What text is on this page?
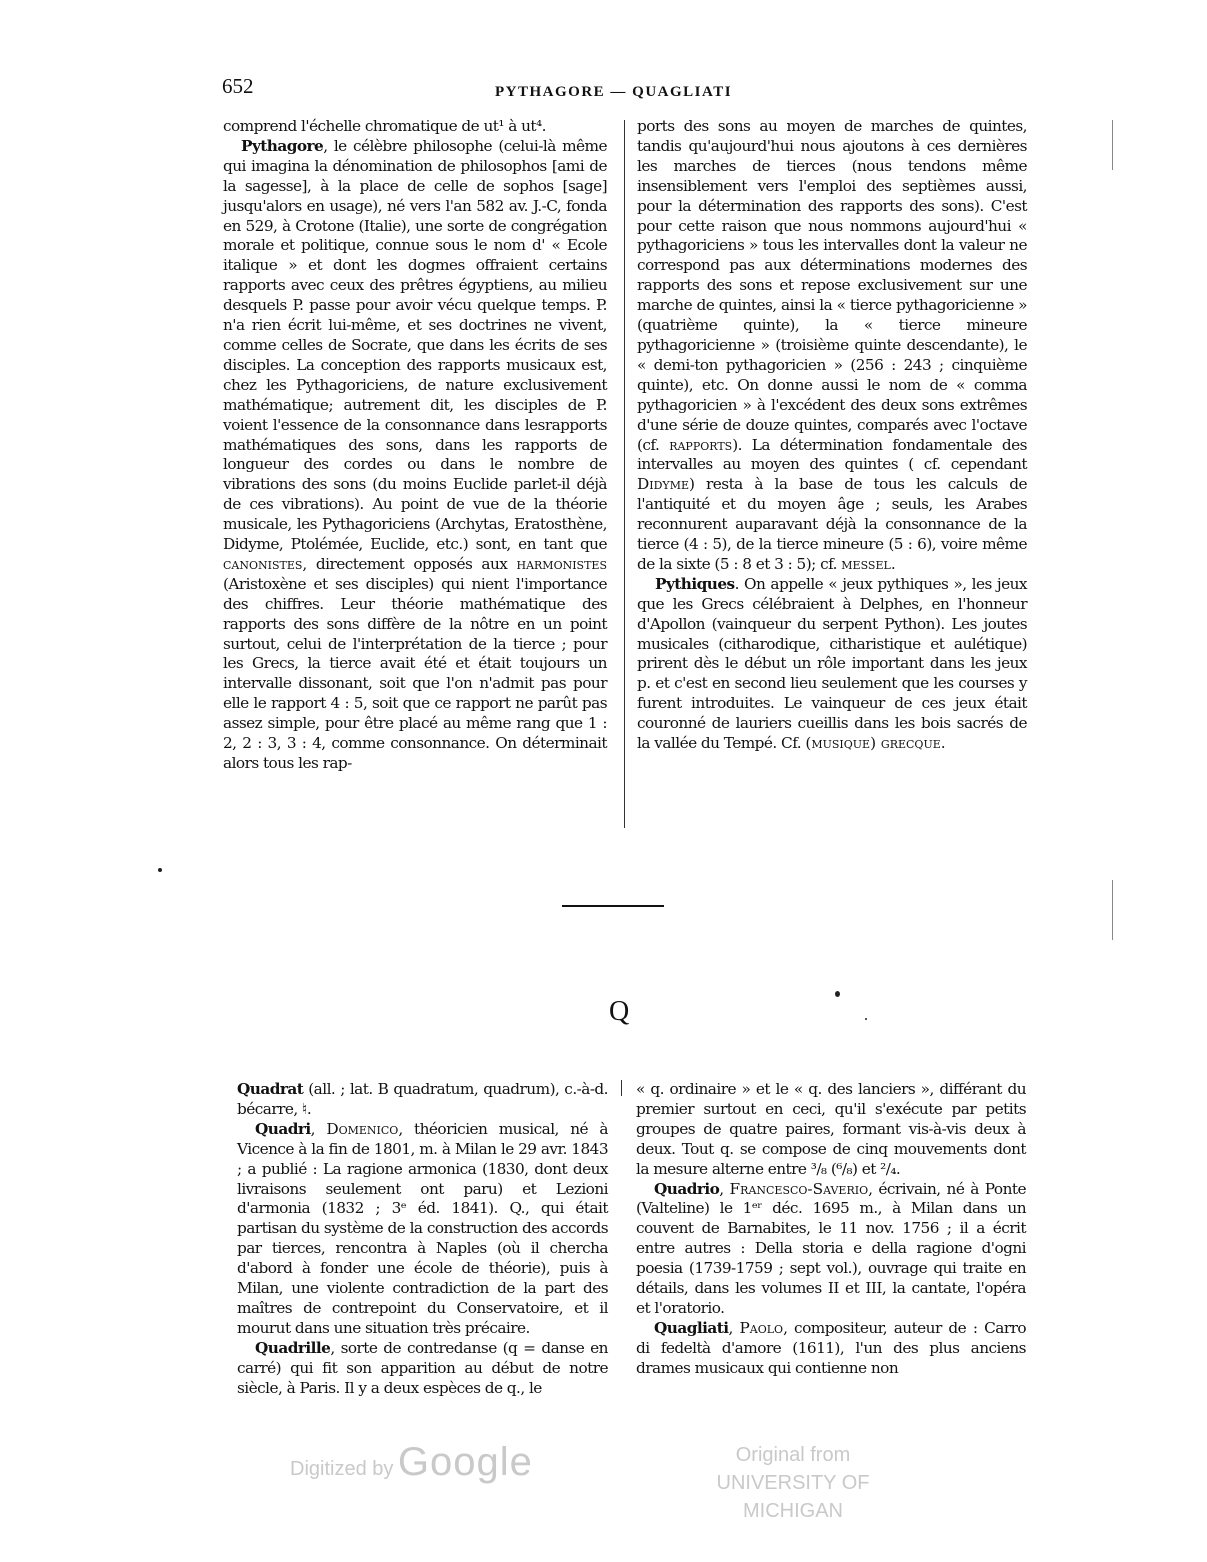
652	PYTHAGORE — QUAGLIATI

comprend l'échelle chromatique de ut¹ à ut⁴.

Pythagore, le célèbre philosophe (celui-là même qui imagina la dénomination de philosophos [ami de la sagesse], à la place de celle de sophos [sage] jusqu'alors en usage), né vers l'an 582 av. J.-C, fonda en 529, à Crotone (Italie), une sorte de congrégation morale et politique, connue sous le nom d' « Ecole italique » et dont les dogmes offraient certains rapports avec ceux des prêtres égyptiens, au milieu desquels P. passe pour avoir vécu quelque temps. P. n'a rien écrit lui-même, et ses doctrines ne vivent, comme celles de Socrate, que dans les écrits de ses disciples. La conception des rapports musicaux est, chez les Pythagoriciens, de nature exclusivement mathématique; autrement dit, les disciples de P. voient l'essence de la consonnance dans lesrapports mathématiques des sons, dans les rapports de longueur des cordes ou dans le nombre de vibrations des sons (du moins Euclide parlet-il déjà de ces vibrations). Au point de vue de la théorie musicale, les Pythagoriciens (Archytas, Eratosthène, Didyme, Ptolémée, Euclide, etc.) sont, en tant que canonistes, directement opposés aux harmonistes (Aristoxène et ses disciples) qui nient l'importance des chiffres. Leur théorie mathématique des rapports des sons diffère de la nôtre en un point surtout, celui de l'interprétation de la tierce ; pour les Grecs, la tierce avait été et était toujours un intervalle dissonant, soit que l'on n'admit pas pour elle le rapport 4 : 5, soit que ce rapport ne parût pas assez simple, pour être placé au même rang que 1 : 2, 2 : 3, 3 : 4, comme consonnance. On déterminait alors tous les rap-

ports des sons au moyen de marches de quintes, tandis qu'aujourd'hui nous ajoutons à ces dernières les marches de tierces (nous tendons même insensiblement vers l'emploi des septièmes aussi, pour la détermination des rapports des sons). C'est pour cette raison que nous nommons aujourd'hui « pythagoriciens » tous les intervalles dont la valeur ne correspond pas aux déterminations modernes des rapports des sons et repose exclusivement sur une marche de quintes, ainsi la « tierce pythagoricienne » (quatrième quinte), la « tierce mineure pythagoricienne » (troisième quinte descendante), le « demi-ton pythagoricien » (256 : 243 ; cinquième quinte), etc. On donne aussi le nom de « comma pythagoricien » à l'excédent des deux sons extrêmes d'une série de douze quintes, comparés avec l'octave (cf. rapports). La détermination fondamentale des intervalles au moyen des quintes ( cf. cependant Didyme) resta à la base de tous les calculs de l'antiquité et du moyen âge ; seuls, les Arabes reconnurent auparavant déjà la consonnance de la tierce (4 : 5), de la tierce mineure (5 : 6), voire même de la sixte (5 : 8 et 3 : 5); cf. messel.

Pythiques. On appelle « jeux pythiques », les jeux que les Grecs célébraient à Delphes, en l'honneur d'Apollon (vainqueur du serpent Python). Les joutes musicales (citharodique, citharistique et aulétique) prirent dès le début un rôle important dans les jeux p. et c'est en second lieu seulement que les courses y furent introduites. Le vainqueur de ces jeux était couronné de lauriers cueillis dans les bois sacrés de la vallée du Tempé. Cf. (musique) grecque.

Q

Quadrat (all. ; lat. B quadratum, quadrum), c.-à-d. bécarre, ♮.

Quadri, Domenico, théoricien musical, né à Vicence à la fin de 1801, m. à Milan le 29 avr. 1843 ; a publié : La ragione armonica (1830, dont deux livraisons seulement ont paru) et Lezioni d'armonia (1832 ; 3ᵉ éd. 1841). Q., qui était partisan du système de la construction des accords par tierces, rencontra à Naples (où il chercha d'abord à fonder une école de théorie), puis à Milan, une violente contradiction de la part des maîtres de contrepoint du Conservatoire, et il mourut dans une situation très précaire.

Quadrille, sorte de contredanse (q = danse en carré) qui fit son apparition au début de notre siècle, à Paris. Il y a deux espèces de q., le

« q. ordinaire » et le « q. des lanciers », différant du premier surtout en ceci, qu'il s'exécute par petits groupes de quatre paires, formant vis-à-vis deux à deux. Tout q. se compose de cinq mouvements dont la mesure alterne entre ³/₈ (⁶/₈) et ²/₄.

Quadrio, Francesco-Saverio, écrivain, né à Ponte (Valteline) le 1ᵉʳ déc. 1695 m., à Milan dans un couvent de Barnabites, le 11 nov. 1756 ; il a écrit entre autres : Della storia e della ragione d'ogni poesia (1739-1759 ; sept vol.), ouvrage qui traite en détails, dans les volumes II et III, la cantate, l'opéra et l'oratorio.

Quagliati, Paolo, compositeur, auteur de : Carro di fedeltà d'amore (1611), l'un des plus anciens drames musicaux qui contienne non

Digitized by Google	Original from
UNIVERSITY OF MICHIGAN
